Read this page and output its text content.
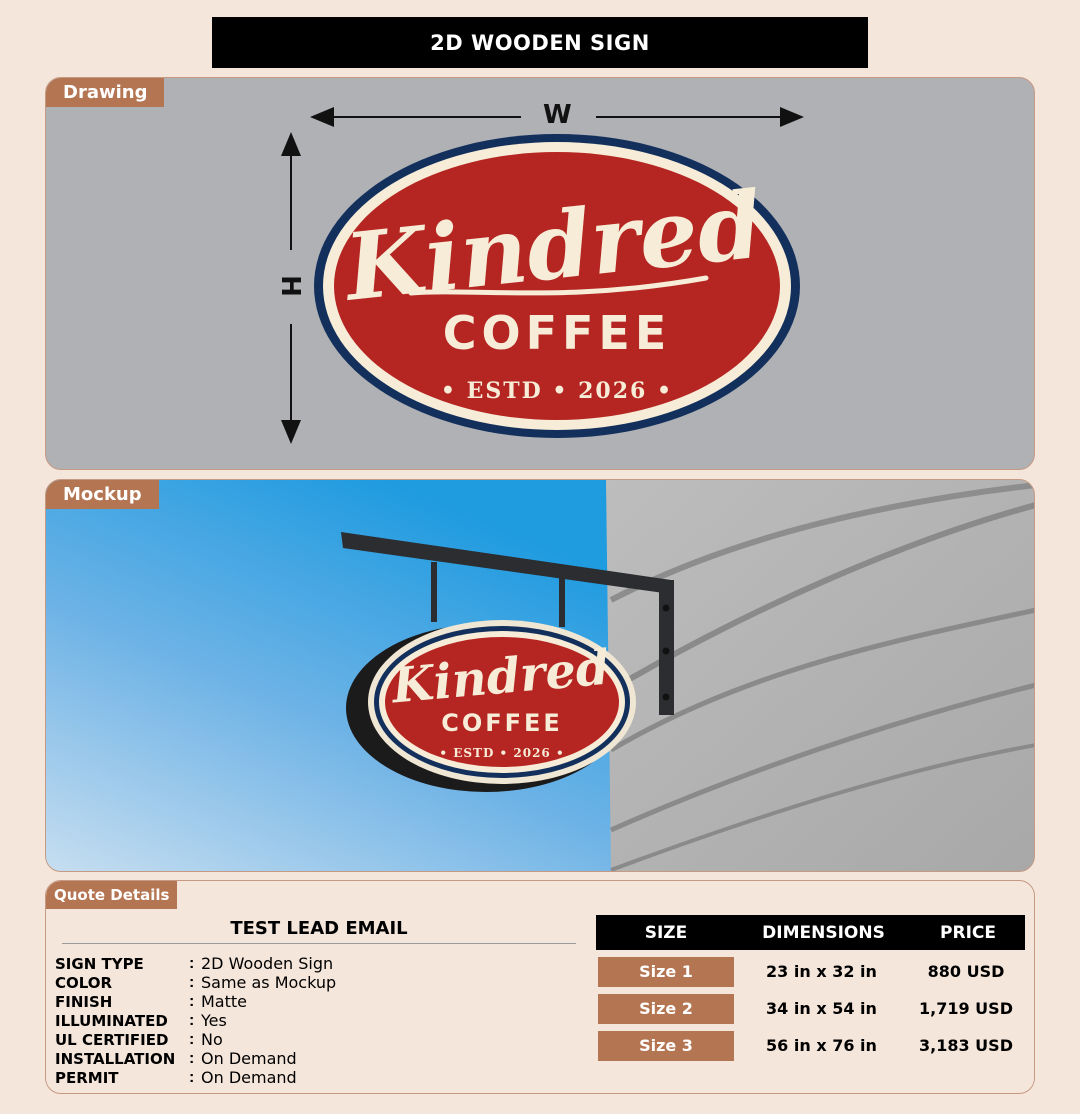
2D WOODEN SIGN
Drawing
Kindred
COFFEE
• ESTD • 2026 •
W
H
Mockup
Kindred
COFFEE
• ESTD • 2026 •
Quote Details
TEST LEAD EMAIL
SIGN TYPE	: 2D Wooden Sign
COLOR	: Same as Mockup
FINISH	: Matte
ILLUMINATED	: Yes
UL CERTIFIED	: No
INSTALLATION : On Demand
PERMIT	: On Demand
SIZE	DIMENSIONS	PRICE
Size 1	23 in x 32 in	880 USD
Size 2	34 in x 54 in	1,719 USD
Size 3	56 in x 76 in	3,183 USD
